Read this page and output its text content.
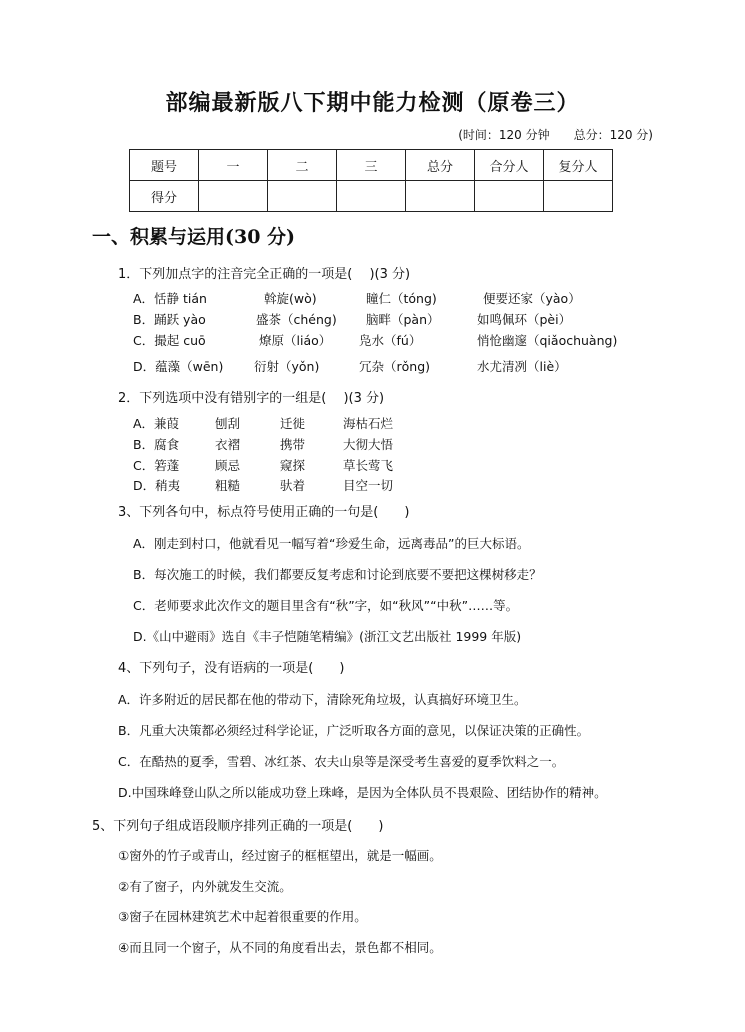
部编最新版八下期中能力检测（原卷三）
(时间：120 分钟　　总分：120 分)
题号	一	二	三	总分	合分人	复分人
得分						
一、积累与运用(30 分)
1．下列加点字的注音完全正确的一项是(　 )(3 分)
A．恬静 tián	斡旋(wò)	瞳仁（tóng)	便要还家（yào）
B．踊跃 yào	盛茶（chéng) 脑畔（pàn）	如鸣佩环（pèi）
C．撮起 cuō	燎原（liáo） 凫水（fú）	悄怆幽邃（qiǎochuàng)
D．蕴藻（wēn) 衍射（yǒn)	冗杂（rǒng)	水尤清冽（liè）
2．下列选项中没有错别字的一组是(　 )(3 分)
A．兼葭	刨刮	迁徙	海枯石烂
B．腐食	衣褶	携带	大彻大悟
C．箬蓬	顾忌	窥探	草长莺飞
D．稍夷	粗糙	驮着	目空一切
3、下列各句中，标点符号使用正确的一句是(　　)
A．刚走到村口，他就看见一幅写着“珍爱生命，远离毒品”的巨大标语。
B．每次施工的时候，我们都要反复考虑和讨论到底要不要把这棵树移走？
C．老师要求此次作文的题目里含有“秋”字，如“秋风”“中秋”……等。
D.《山中避雨》选自《丰子恺随笔精编》(浙江文艺出版社 1999 年版)
4、下列句子，没有语病的一项是(　　)
A．许多附近的居民都在他的带动下，清除死角垃圾，认真搞好环境卫生。
B．凡重大决策都必须经过科学论证，广泛听取各方面的意见，以保证决策的正确性。
C．在酷热的夏季，雪碧、冰红茶、农夫山泉等是深受考生喜爱的夏季饮料之一。
D.中国珠峰登山队之所以能成功登上珠峰，是因为全体队员不畏艰险、团结协作的精神。
5、下列句子组成语段顺序排列正确的一项是(　　)
①窗外的竹子或青山，经过窗子的框框望出，就是一幅画。
②有了窗子，内外就发生交流。
③窗子在园林建筑艺术中起着很重要的作用。
④而且同一个窗子，从不同的角度看出去，景色都不相同。
